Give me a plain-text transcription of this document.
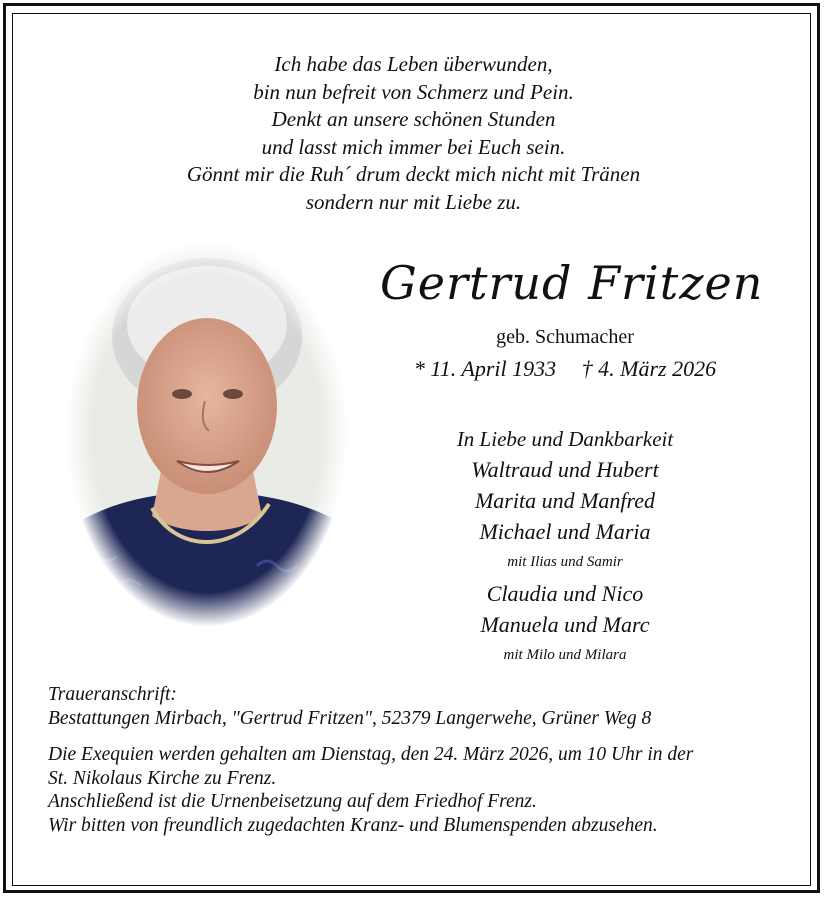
Ich habe das Leben überwunden,
bin nun befreit von Schmerz und Pein.
Denkt an unsere schönen Stunden
und lasst mich immer bei Euch sein.
Gönnt mir die Ruh´ drum deckt mich nicht mit Tränen
sondern nur mit Liebe zu.
Gertrud Fritzen
geb. Schumacher
* 11. April 1933 † 4. März 2026
In Liebe und Dankbarkeit
Waltraud und Hubert
Marita und Manfred
Michael und Maria
mit Ilias und Samir
Claudia und Nico
Manuela und Marc
mit Milo und Milara
Traueranschrift:
Bestattungen Mirbach, "Gertrud Fritzen", 52379 Langerwehe, Grüner Weg 8
Die Exequien werden gehalten am Dienstag, den 24. März 2026, um 10 Uhr in der
St. Nikolaus Kirche zu Frenz.
Anschließend ist die Urnenbeisetzung auf dem Friedhof Frenz.
Wir bitten von freundlich zugedachten Kranz- und Blumenspenden abzusehen.
